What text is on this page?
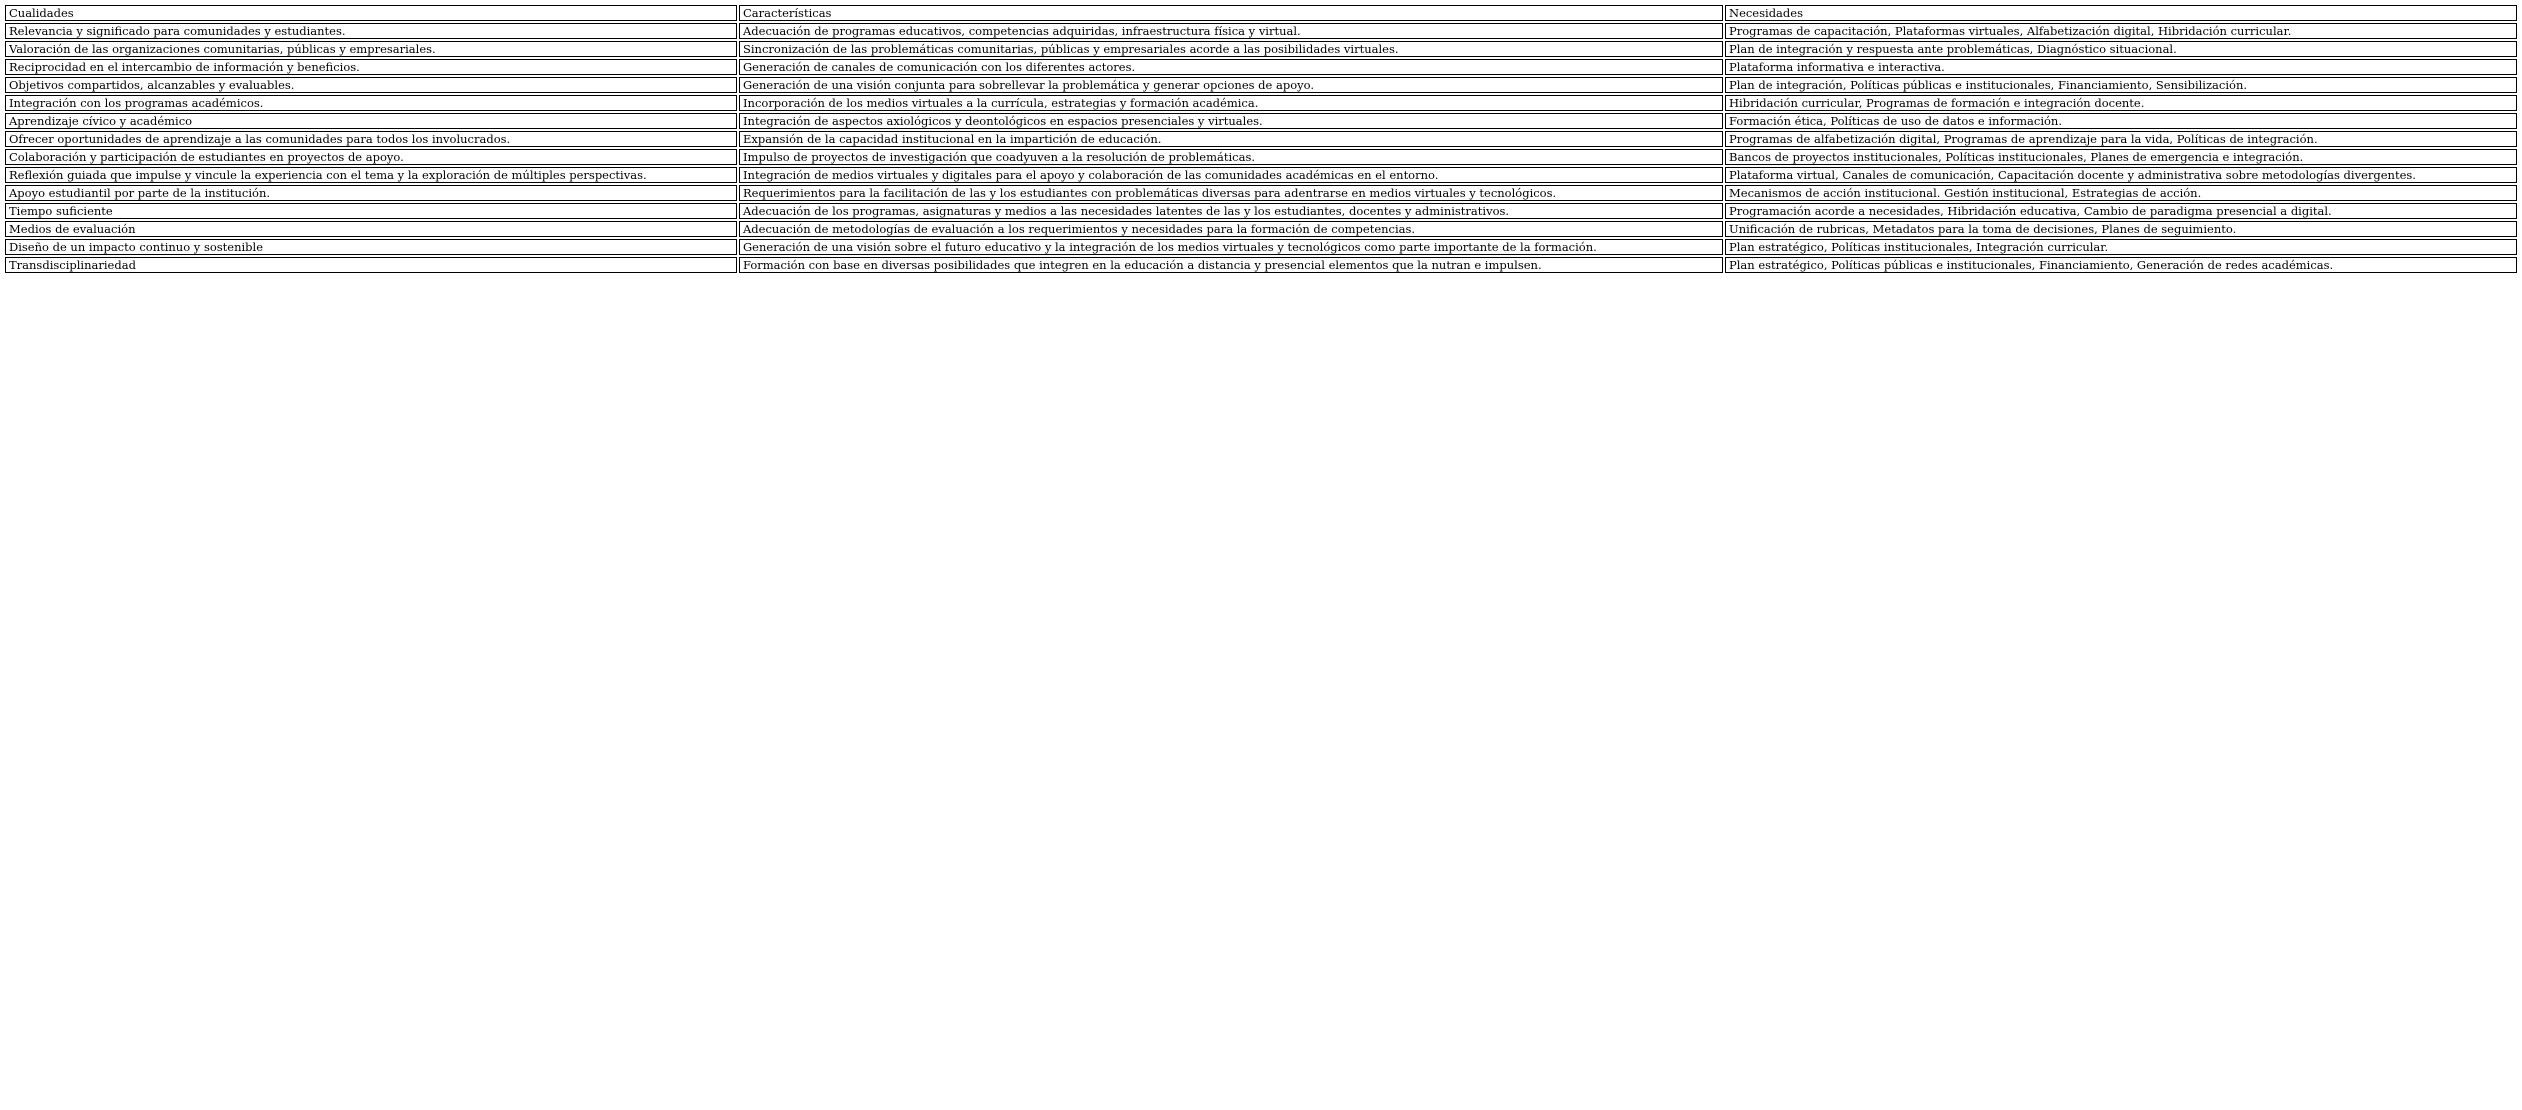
Cualidades	Características	Necesidades
Relevancia y significado para comunidades y estudiantes.	Adecuación de programas educativos, competencias adquiridas, infraestructura física y virtual.	Programas de capacitación, Plataformas virtuales, Alfabetización digital, Hibridación curricular.
Valoración de las organizaciones comunitarias, públicas y empresariales.	Sincronización de las problemáticas comunitarias, públicas y empresariales acorde a las posibilidades virtuales.	Plan de integración y respuesta ante problemáticas, Diagnóstico situacional.
Reciprocidad en el intercambio de información y beneficios.	Generación de canales de comunicación con los diferentes actores.	Plataforma informativa e interactiva.
Objetivos compartidos, alcanzables y evaluables.	Generación de una visión conjunta para sobrellevar la problemática y generar opciones de apoyo.	Plan de integración, Políticas públicas e institucionales, Financiamiento, Sensibilización.
Integración con los programas académicos.	Incorporación de los medios virtuales a la currícula, estrategias y formación académica.	Hibridación curricular, Programas de formación e integración docente.
Aprendizaje cívico y académico	Integración de aspectos axiológicos y deontológicos en espacios presenciales y virtuales.	Formación ética, Políticas de uso de datos e información.
Ofrecer oportunidades de aprendizaje a las comunidades para todos los involucrados.	Expansión de la capacidad institucional en la impartición de educación.	Programas de alfabetización digital, Programas de aprendizaje para la vida, Políticas de integración.
Colaboración y participación de estudiantes en proyectos de apoyo.	Impulso de proyectos de investigación que coadyuven a la resolución de problemáticas.	Bancos de proyectos institucionales, Políticas institucionales, Planes de emergencia e integración.
Reflexión guiada que impulse y vincule la experiencia con el tema y la exploración de múltiples perspectivas.	Integración de medios virtuales y digitales para el apoyo y colaboración de las comunidades académicas en el entorno.	Plataforma virtual, Canales de comunicación, Capacitación docente y administrativa sobre metodologías divergentes.
Apoyo estudiantil por parte de la institución.	Requerimientos para la facilitación de las y los estudiantes con problemáticas diversas para adentrarse en medios virtuales y tecnológicos.	Mecanismos de acción institucional. Gestión institucional, Estrategias de acción.
Tiempo suficiente	Adecuación de los programas, asignaturas y medios a las necesidades latentes de las y los estudiantes, docentes y administrativos.	Programación acorde a necesidades, Hibridación educativa, Cambio de paradigma presencial a digital.
Medios de evaluación	Adecuación de metodologías de evaluación a los requerimientos y necesidades para la formación de competencias.	Unificación de rubricas, Metadatos para la toma de decisiones, Planes de seguimiento.
Diseño de un impacto continuo y sostenible	Generación de una visión sobre el futuro educativo y la integración de los medios virtuales y tecnológicos como parte importante de la formación.	Plan estratégico, Políticas institucionales, Integración curricular.
Transdisciplinariedad	Formación con base en diversas posibilidades que integren en la educación a distancia y presencial elementos que la nutran e impulsen.	Plan estratégico, Políticas públicas e institucionales, Financiamiento, Generación de redes académicas.
